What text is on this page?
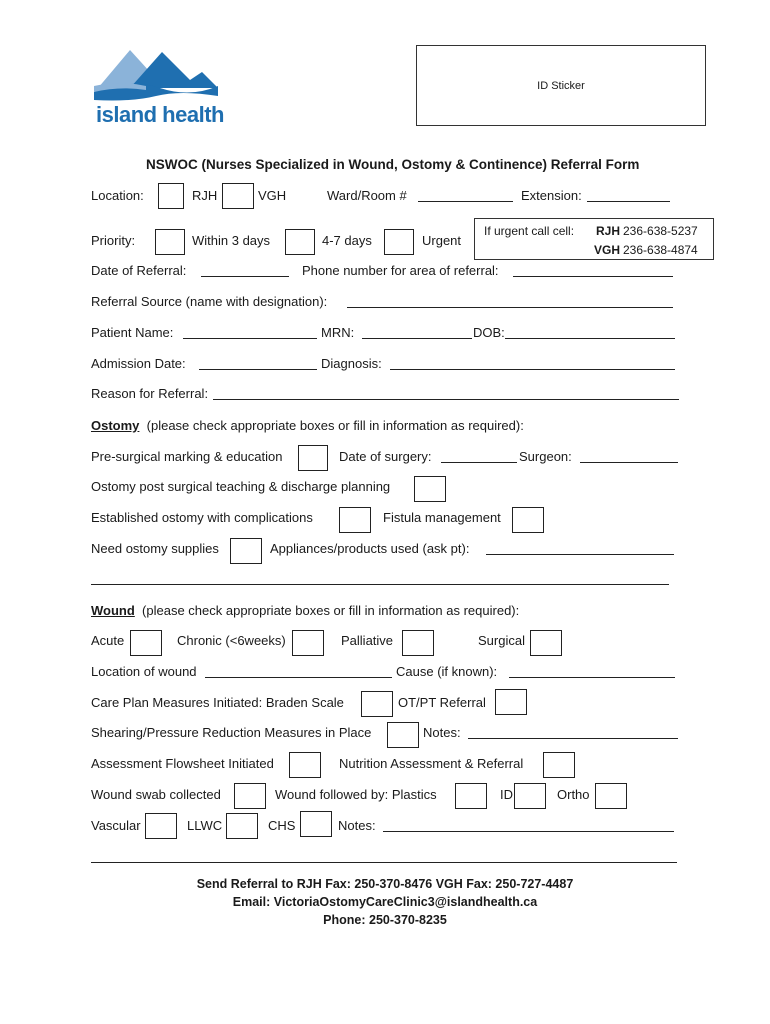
island health
ID Sticker
NSWOC (Nurses Specialized in Wound, Ostomy & Continence) Referral Form
Location:	RJH	VGH	Ward/Room #	Extension:
Priority:	Within 3 days	4-7 days	Urgent
If urgent call cell: RJH 236-638-5237
VGH 236-638-4874
Date of Referral:	Phone number for area of referral:
Referral Source (name with designation):
Patient Name:	MRN:	DOB:
Admission Date:	Diagnosis:
Reason for Referral:
Ostomy (please check appropriate boxes or fill in information as required):
Pre-surgical marking & education	Date of surgery:	Surgeon:
Ostomy post surgical teaching & discharge planning
Established ostomy with complications	Fistula management
Need ostomy supplies	Appliances/products used (ask pt):
Wound (please check appropriate boxes or fill in information as required):
Acute	Chronic (<6weeks)	Palliative	Surgical
Location of wound	Cause (if known):
Care Plan Measures Initiated: Braden Scale	OT/PT Referral
Shearing/Pressure Reduction Measures in Place	Notes:
Assessment Flowsheet Initiated	Nutrition Assessment & Referral
Wound swab collected	Wound followed by: Plastics	ID	Ortho
Vascular	LLWC	CHS	Notes:
Send Referral to RJH Fax: 250-370-8476 VGH Fax: 250-727-4487
Email: VictoriaOstomyCareClinic3@islandhealth.ca
Phone: 250-370-8235
